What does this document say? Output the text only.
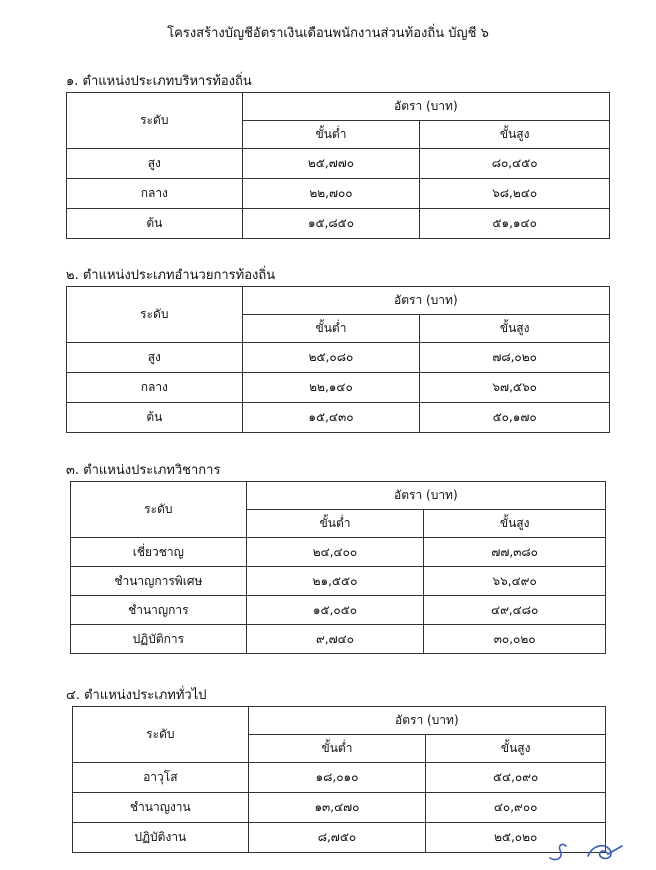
โครงสร้างบัญชีอัตราเงินเดือนพนักงานส่วนท้องถิ่น บัญชี ๖
๑. ตำแหน่งประเภทบริหารท้องถิ่น
ระดับ	อัตรา (บาท)	
	ขั้นต่ำ	ขั้นสูง
สูง	๒๕,๗๗๐	๘๐,๔๕๐
กลาง	๒๒,๗๐๐	๖๘,๒๔๐
ต้น	๑๕,๘๕๐	๕๑,๑๔๐
๒. ตำแหน่งประเภทอำนวยการท้องถิ่น
ระดับ	อัตรา (บาท)	
	ขั้นต่ำ	ขั้นสูง
สูง	๒๕,๐๘๐	๗๘,๐๒๐
กลาง	๒๒,๑๔๐	๖๗,๕๖๐
ต้น	๑๕,๔๓๐	๕๐,๑๗๐
๓. ตำแหน่งประเภทวิชาการ
ระดับ	อัตรา (บาท)	
	ขั้นต่ำ	ขั้นสูง
เชี่ยวชาญ	๒๔,๔๐๐	๗๗,๓๘๐
ชำนาญการพิเศษ	๒๑,๕๕๐	๖๖,๔๙๐
ชำนาญการ	๑๕,๐๕๐	๔๙,๔๘๐
ปฏิบัติการ	๙,๗๔๐	๓๐,๐๒๐
๔. ตำแหน่งประเภททั่วไป
ระดับ	อัตรา (บาท)	
	ขั้นต่ำ	ขั้นสูง
อาวุโส	๑๘,๐๑๐	๕๔,๐๙๐
ชำนาญงาน	๑๓,๔๗๐	๔๐,๙๐๐
ปฏิบัติงาน	๘,๗๕๐	๒๕,๐๒๐
